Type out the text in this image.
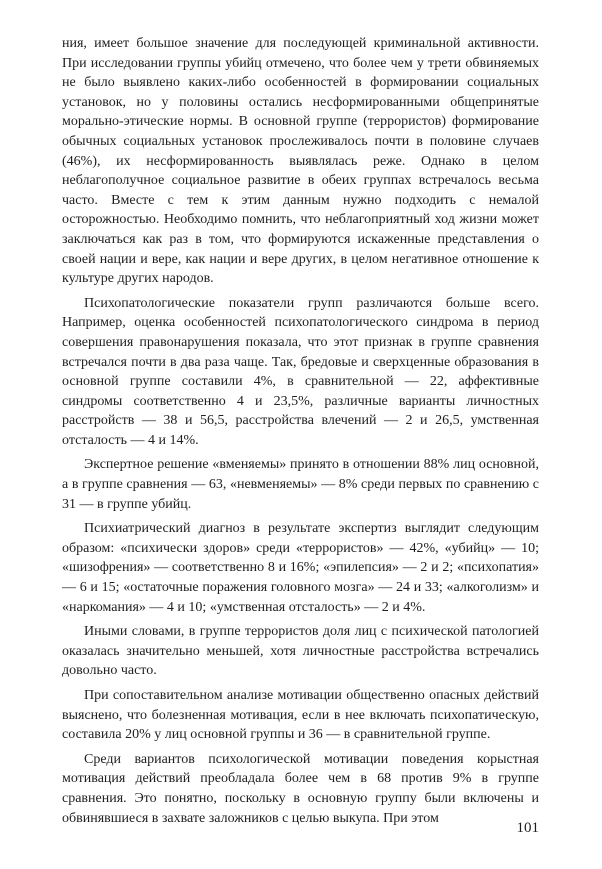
ния, имеет большое значение для последующей криминальной активности. При исследовании группы убийц отмечено, что более чем у трети обвиняемых не было выявлено каких-либо особенностей в формировании социальных установок, но у половины остались несформированными общепринятые морально-этические нормы. В основной группе (террористов) формирование обычных социальных установок прослеживалось почти в половине случаев (46%), их несформированность выявлялась реже. Однако в целом неблагополучное социальное развитие в обеих группах встречалось весьма часто. Вместе с тем к этим данным нужно подходить с немалой осторожностью. Необходимо помнить, что неблагоприятный ход жизни может заключаться как раз в том, что формируются искаженные представления о своей нации и вере, как нации и вере других, в целом негативное отношение к культуре других народов.

Психопатологические показатели групп различаются больше всего. Например, оценка особенностей психопатологического синдрома в период совершения правонарушения показала, что этот признак в группе сравнения встречался почти в два раза чаще. Так, бредовые и сверхценные образования в основной группе составили 4%, в сравнительной — 22, аффективные синдромы соответственно 4 и 23,5%, различные варианты личностных расстройств — 38 и 56,5, расстройства влечений — 2 и 26,5, умственная отсталость — 4 и 14%.

Экспертное решение «вменяемы» принято в отношении 88% лиц основной, а в группе сравнения — 63, «невменяемы» — 8% среди первых по сравнению с 31 — в группе убийц.

Психиатрический диагноз в результате экспертиз выглядит следующим образом: «психически здоров» среди «террористов» — 42%, «убийц» — 10; «шизофрения» — соответственно 8 и 16%; «эпилепсия» — 2 и 2; «психопатия» — 6 и 15; «остаточные поражения головного мозга» — 24 и 33; «алкоголизм» и «наркомания» — 4 и 10; «умственная отсталость» — 2 и 4%.

Иными словами, в группе террористов доля лиц с психической патологией оказалась значительно меньшей, хотя личностные расстройства встречались довольно часто.

При сопоставительном анализе мотивации общественно опасных действий выяснено, что болезненная мотивация, если в нее включать психопатическую, составила 20% у лиц основной группы и 36 — в сравнительной группе.

Среди вариантов психологической мотивации поведения корыстная мотивация действий преобладала более чем в 68 против 9% в группе сравнения. Это понятно, поскольку в основную группу были включены и обвинявшиеся в захвате заложников с целью выкупа. При этом

101
